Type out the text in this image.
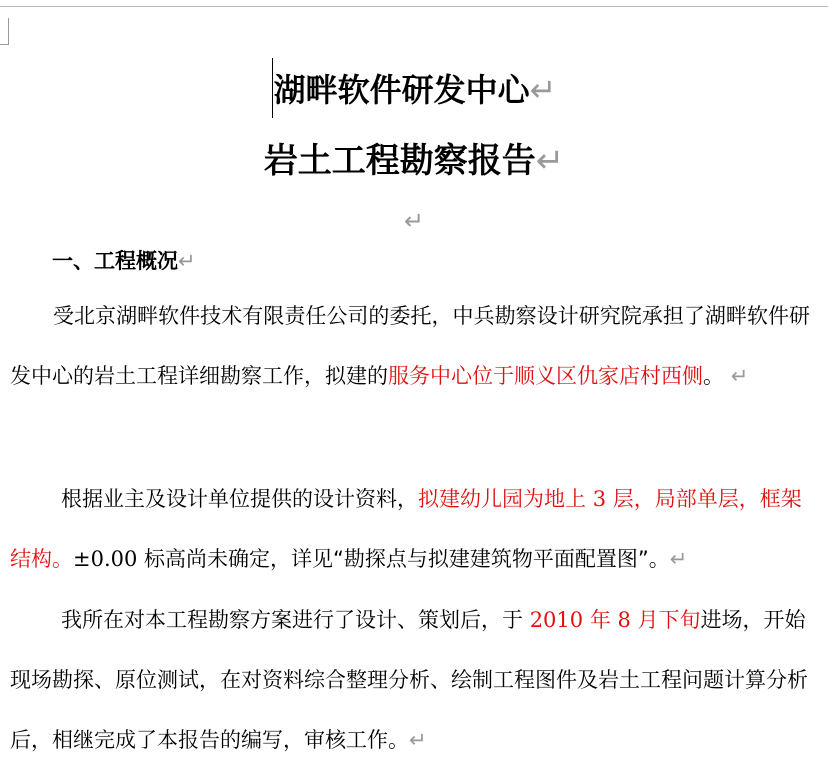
湖畔软件研发中心↵
岩土工程勘察报告↵
↵
一、工程概况↵
受北京湖畔软件技术有限责任公司的委托，中兵勘察设计研究院承担了湖畔软件研发中心的岩土工程详细勘察工作，拟建的服务中心位于顺义区仇家店村西侧。 ↵
根据业主及设计单位提供的设计资料，拟建幼儿园为地上 3 层，局部单层，框架结构。±0.00 标高尚未确定，详见“勘探点与拟建建筑物平面配置图”。↵
我所在对本工程勘察方案进行了设计、策划后，于 2010 年 8 月下旬进场，开始现场勘探、原位测试，在对资料综合整理分析、绘制工程图件及岩土工程问题计算分析后，相继完成了本报告的编写，审核工作。↵
